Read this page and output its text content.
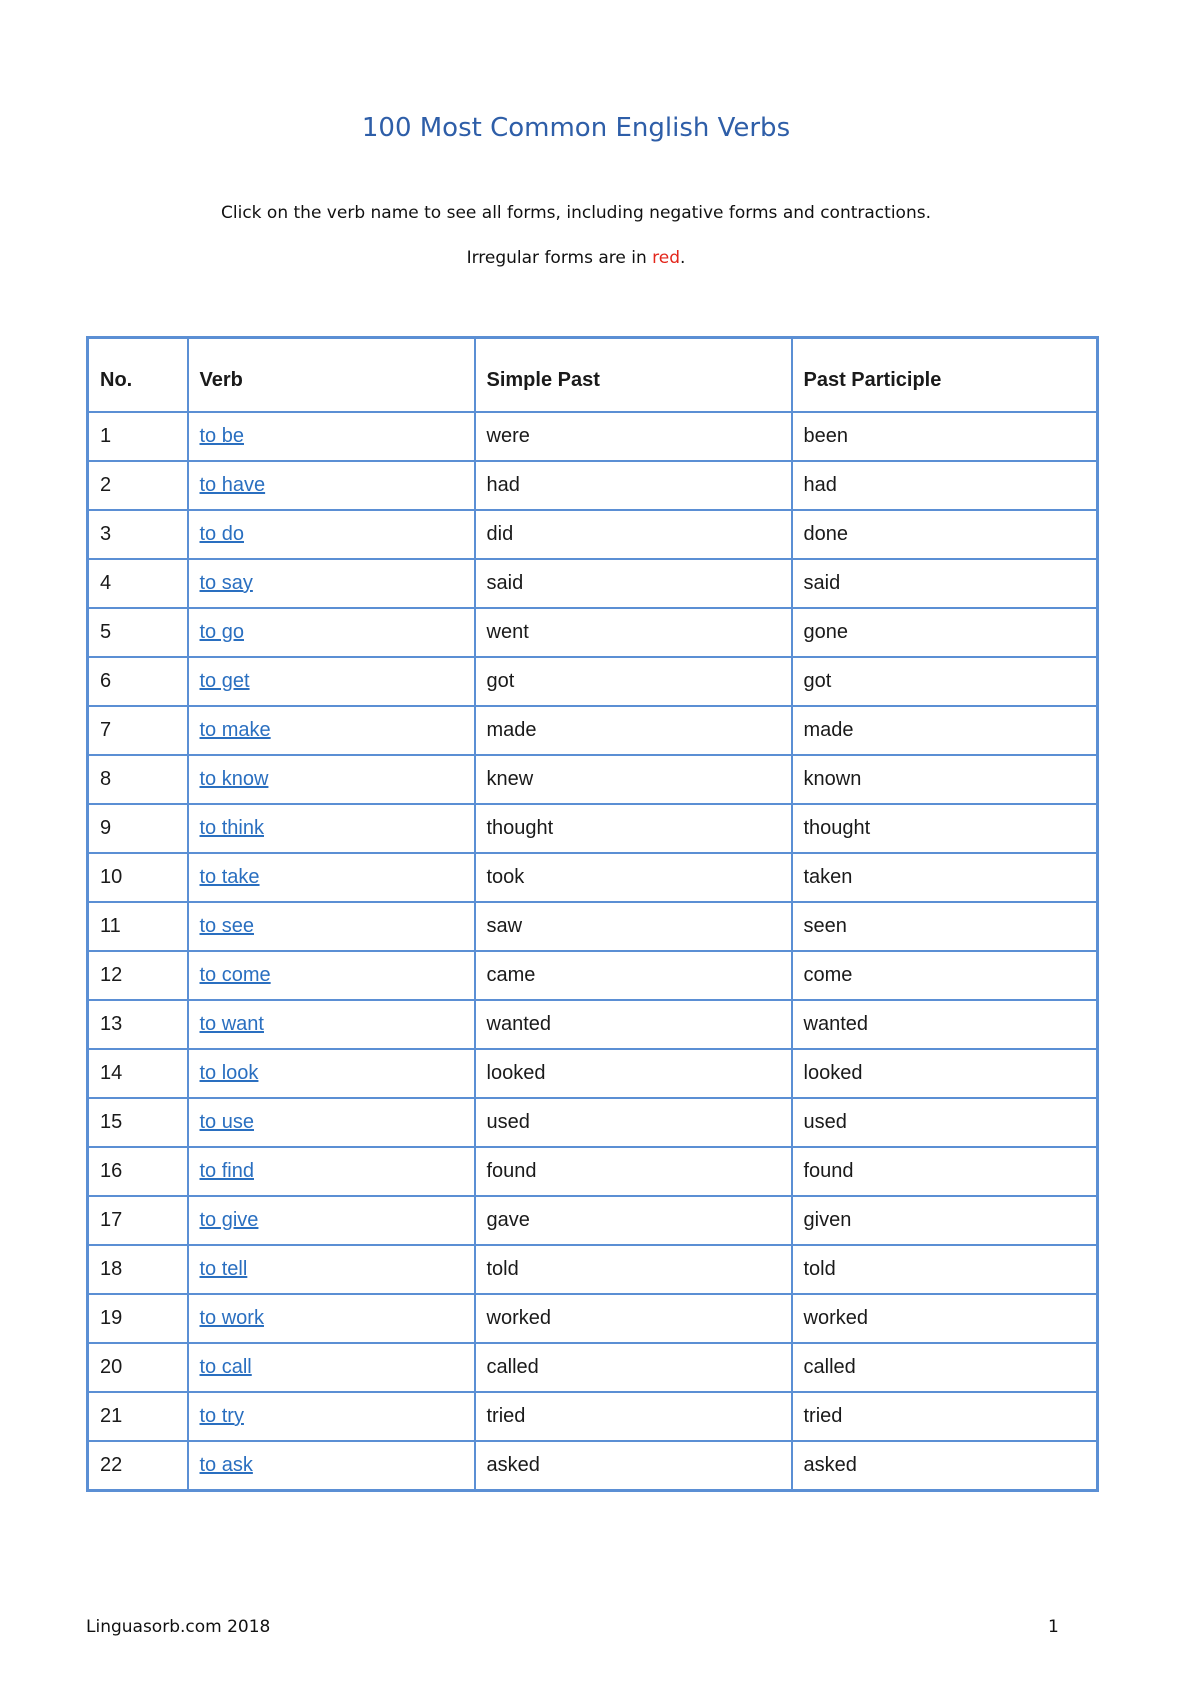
100 Most Common English Verbs

Click on the verb name to see all forms, including negative forms and contractions.

Irregular forms are in red.

No.	Verb	Simple Past	Past Participle
1	to be	were	been
2	to have	had	had
3	to do	did	done
4	to say	said	said
5	to go	went	gone
6	to get	got	got
7	to make	made	made
8	to know	knew	known
9	to think	thought	thought
10	to take	took	taken
11	to see	saw	seen
12	to come	came	come
13	to want	wanted	wanted
14	to look	looked	looked
15	to use	used	used
16	to find	found	found
17	to give	gave	given
18	to tell	told	told
19	to work	worked	worked
20	to call	called	called
21	to try	tried	tried
22	to ask	asked	asked
Linguasorb.com 2018	1
